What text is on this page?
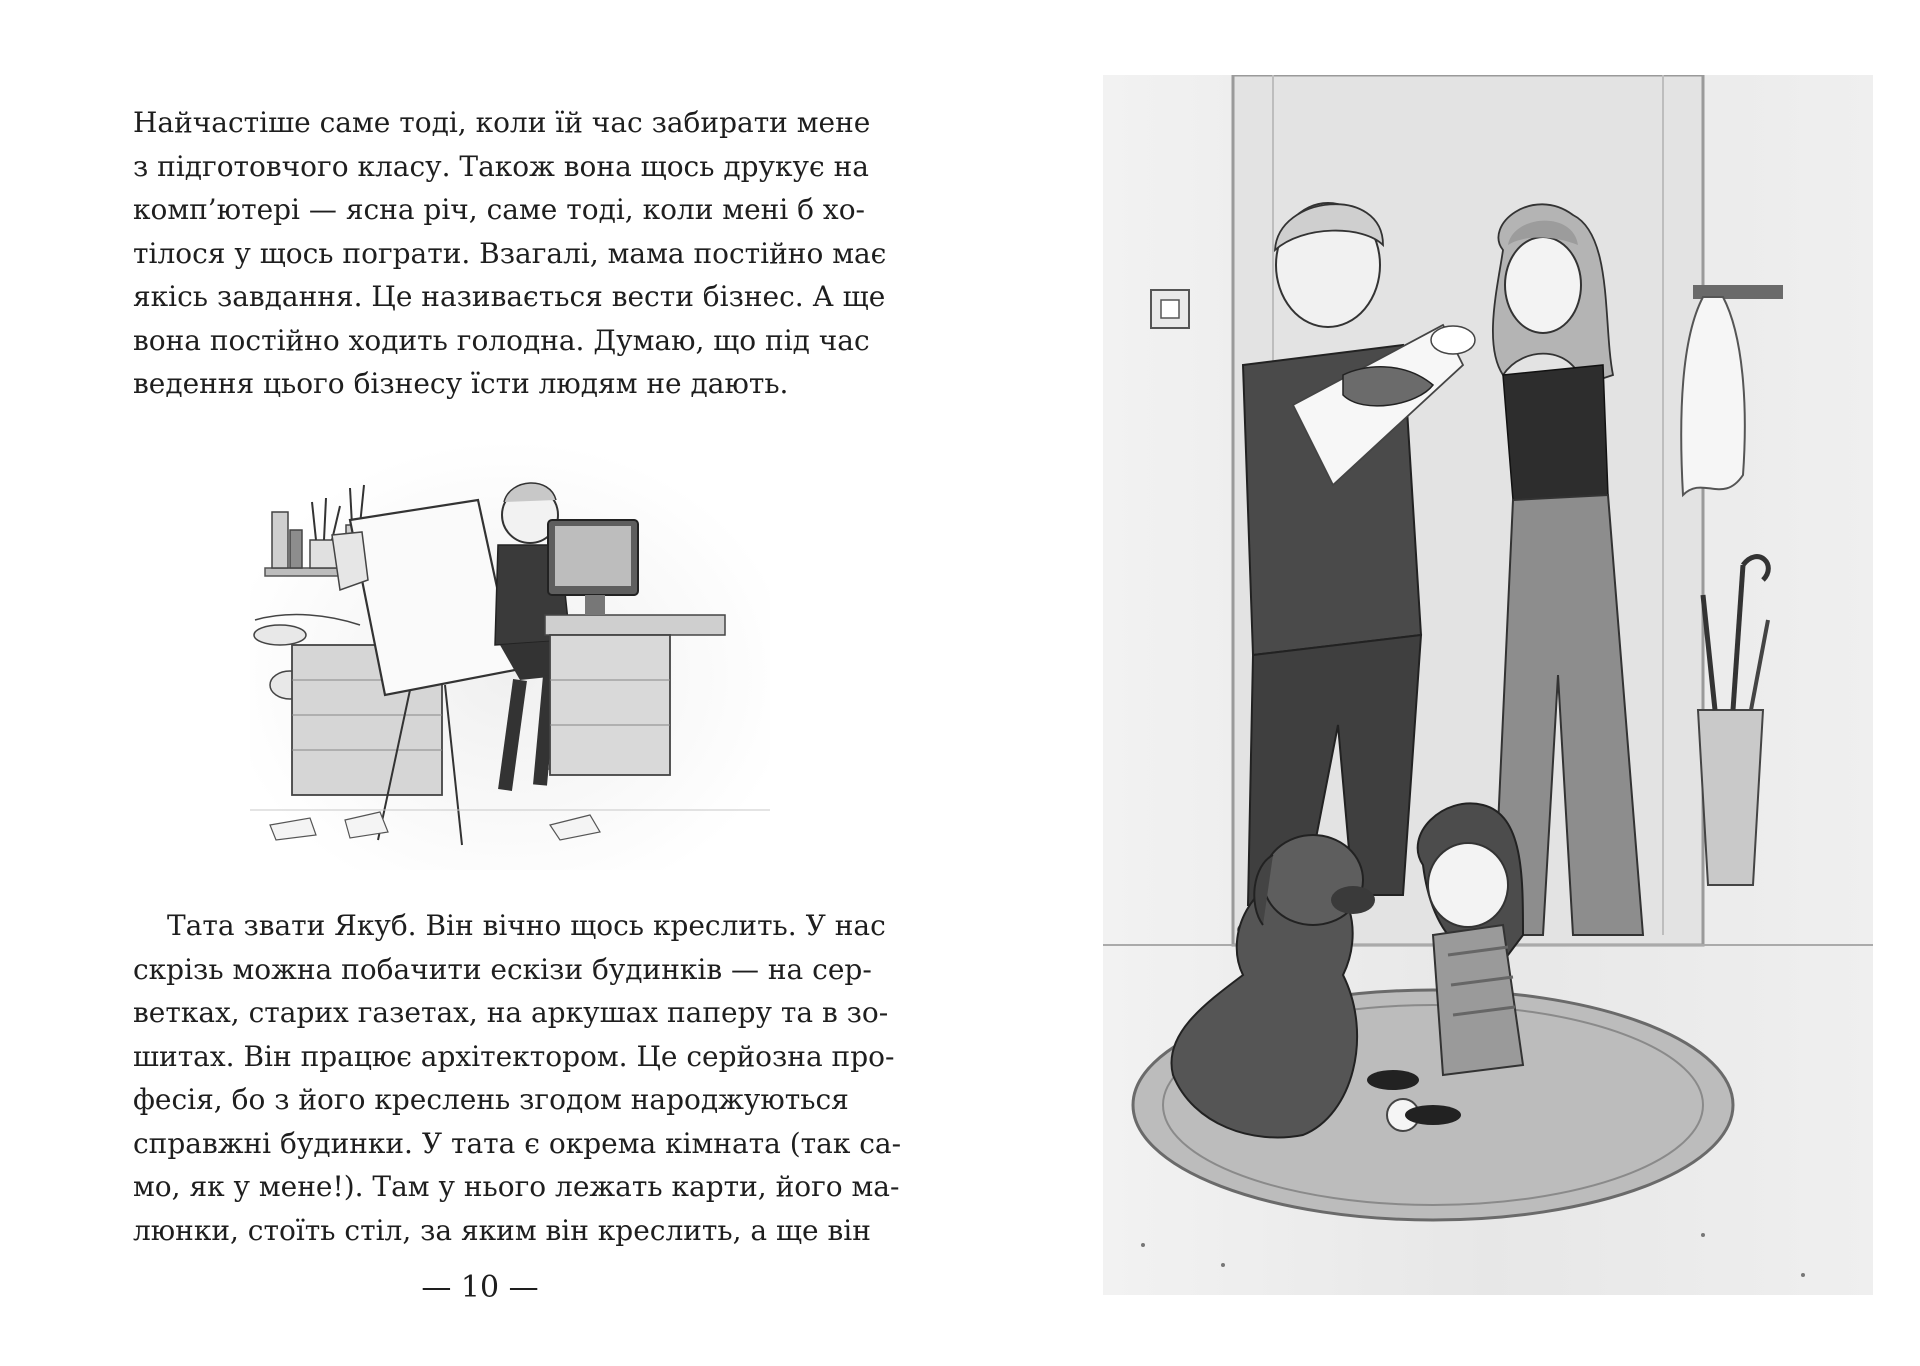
Найчастіше саме тоді, коли їй час забирати мене
з підготовчого класу. Також вона щось друкує на
комп’ютері — ясна річ, саме тоді, коли мені б хо-
тілося у щось пограти. Взагалі, мама постійно має
якісь завдання. Це називається вести бізнес. А ще
вона постійно ходить голодна. Думаю, що під час
ведення цього бізнесу їсти людям не дають.
Тата звати Якуб. Він вічно щось креслить. У нас
скрізь можна побачити ескізи будинків — на сер-
ветках, старих газетах, на аркушах паперу та в зо-
шитах. Він працює архітектором. Це серйозна про-
фесія, бо з його креслень згодом народжуються
справжні будинки. У тата є окрема кімната (так са-
мо, як у мене!). Там у нього лежать карти, його ма-
люнки, стоїть стіл, за яким він креслить, а ще він
— 10 —
